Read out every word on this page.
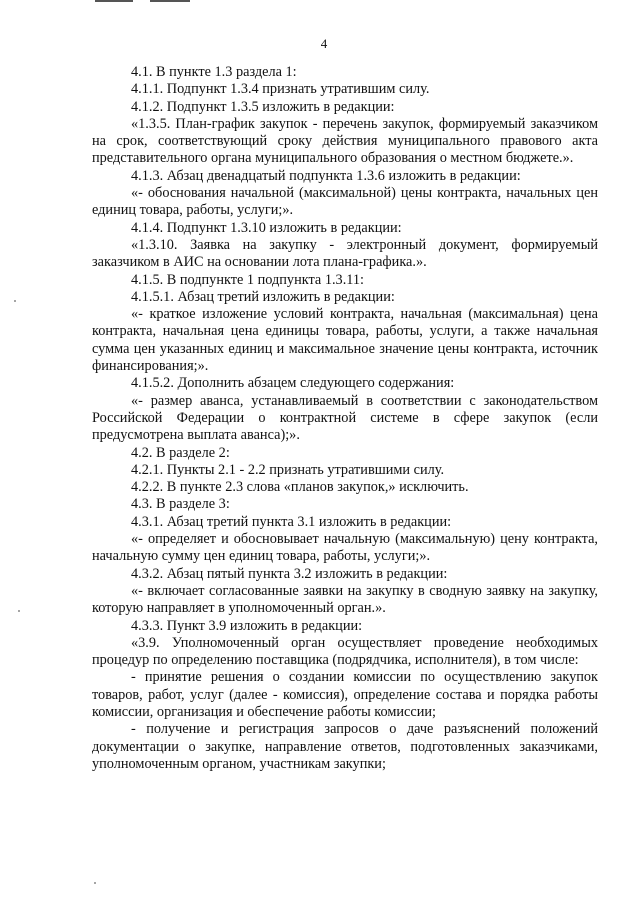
4

4.1. В пункте 1.3 раздела 1:

4.1.1. Подпункт 1.3.4 признать утратившим силу.

4.1.2. Подпункт 1.3.5 изложить в редакции:

«1.3.5. План-график закупок - перечень закупок, формируемый заказчиком на срок, соответствующий сроку действия муниципального правового акта представительного органа муниципального образования о местном бюджете.».

4.1.3. Абзац двенадцатый подпункта 1.3.6 изложить в редакции:

«- обоснования начальной (максимальной) цены контракта, начальных цен единиц товара, работы, услуги;».

4.1.4. Подпункт 1.3.10 изложить в редакции:

«1.3.10. Заявка на закупку - электронный документ, формируемый заказчиком в АИС на основании лота плана-графика.».

4.1.5. В подпункте 1 подпункта 1.3.11:

4.1.5.1. Абзац третий изложить в редакции:

«- краткое изложение условий контракта, начальная (максимальная) цена контракта, начальная цена единицы товара, работы, услуги, а также начальная сумма цен указанных единиц и максимальное значение цены контракта, источник финансирования;».

4.1.5.2. Дополнить абзацем следующего содержания:

«- размер аванса, устанавливаемый в соответствии с законодательством Российской Федерации о контрактной системе в сфере закупок (если предусмотрена выплата аванса);».

4.2. В разделе 2:

4.2.1. Пункты 2.1 - 2.2 признать утратившими силу.

4.2.2. В пункте 2.3 слова «планов закупок,» исключить.

4.3. В разделе 3:

4.3.1. Абзац третий пункта 3.1 изложить в редакции:

«- определяет и обосновывает начальную (максимальную) цену контракта, начальную сумму цен единиц товара, работы, услуги;».

4.3.2. Абзац пятый пункта 3.2 изложить в редакции:

«- включает согласованные заявки на закупку в сводную заявку на закупку, которую направляет в уполномоченный орган.».

4.3.3. Пункт 3.9 изложить в редакции:

«3.9. Уполномоченный орган осуществляет проведение необходимых процедур по определению поставщика (подрядчика, исполнителя), в том числе:

- принятие решения о создании комиссии по осуществлению закупок товаров, работ, услуг (далее - комиссия), определение состава и порядка работы комиссии, организация и обеспечение работы комиссии;

- получение и регистрация запросов о даче разъяснений положений документации о закупке, направление ответов, подготовленных заказчиками, уполномоченным органом, участникам закупки;
